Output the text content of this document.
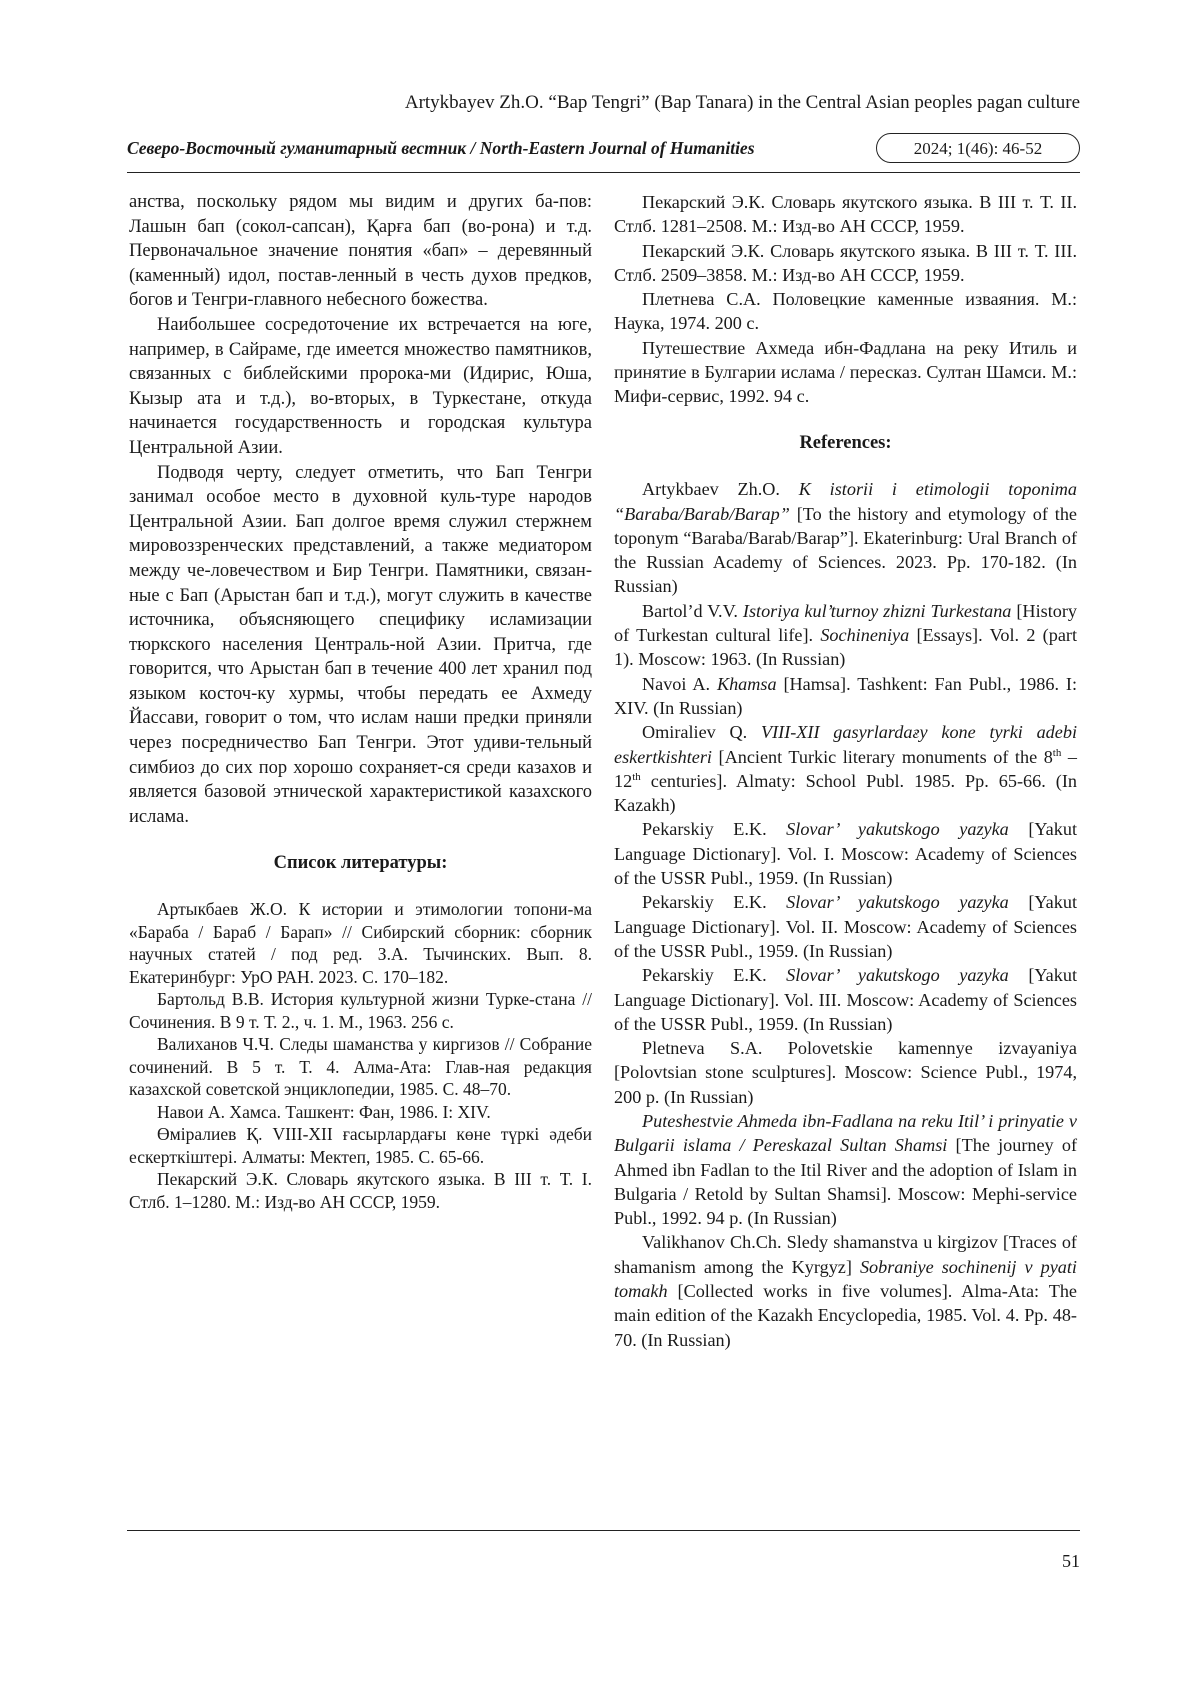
Artykbayev Zh.O. “Bap Tengri” (Bap Tanara) in the Central Asian peoples pagan culture
Северо-Восточный гуманитарный вестник / North-Eastern Journal of Humanities	2024; 1(46): 46-52

анства, поскольку рядом мы видим и других ба-пов: Лашын бап (сокол-сапсан), Қарға бап (во-рона) и т.д. Первоначальное значение понятия «бап» – деревянный (каменный) идол, постав-ленный в честь духов предков, богов и Тенгри-главного небесного божества.

Наибольшее сосредоточение их встречается на юге, например, в Сайраме, где имеется множество памятников, связанных с библейскими пророка-ми (Идирис, Юша, Кызыр ата и т.д.), во-вторых, в Туркестане, откуда начинается государственность и городская культура Центральной Азии.

Подводя черту, следует отметить, что Бап Тенгри занимал особое место в духовной куль-туре народов Центральной Азии. Бап долгое время служил стержнем мировоззренческих представлений, а также медиатором между че-ловечеством и Бир Тенгри. Памятники, связан-ные с Бап (Арыстан бап и т.д.), могут служить в качестве источника, объясняющего специфику исламизации тюркского населения Централь-ной Азии. Притча, где говорится, что Арыстан бап в течение 400 лет хранил под языком косточ-ку хурмы, чтобы передать ее Ахмеду Йассави, говорит о том, что ислам наши предки приняли через посредничество Бап Тенгри. Этот удиви-тельный симбиоз до сих пор хорошо сохраняет-ся среди казахов и является базовой этнической характеристикой казахского ислама.

Список литературы:

Артыкбаев Ж.О. К истории и этимологии топони-ма «Бараба / Бараб / Барап» // Сибирский сборник: сборник научных статей / под ред. З.А. Тычинских. Вып. 8. Екатеринбург: УрО РАН. 2023. С. 170–182.

Бартольд В.В. История культурной жизни Турке-стана // Сочинения. В 9 т. Т. 2., ч. 1. М., 1963. 256 с.

Валиханов Ч.Ч. Следы шаманства у киргизов // Собрание сочинений. В 5 т. Т. 4. Алма-Ата: Глав-ная редакция казахской советской энциклопедии, 1985. С. 48–70.

Навои А. Хамса. Ташкент: Фан, 1986. I: XIV.

Өміралиев Қ. VIII-XII ғасырлардағы көне түркі әдеби ескерткіштері. Алматы: Мектеп, 1985. С. 65-66.

Пекарский Э.К. Словарь якутского языка. В III т. Т. I. Стлб. 1–1280. М.: Изд-во АН СССР, 1959.

Пекарский Э.К. Словарь якутского языка. В III т. Т. II. Стлб. 1281–2508. М.: Изд-во АН СССР, 1959.

Пекарский Э.К. Словарь якутского языка. В III т. Т. III. Стлб. 2509–3858. М.: Изд-во АН СССР, 1959.

Плетнева С.А. Половецкие каменные изваяния. М.: Наука, 1974. 200 с.

Путешествие Ахмеда ибн-Фадлана на реку Итиль и принятие в Булгарии ислама / пересказ. Султан Шамси. М.: Мифи-сервис, 1992. 94 с.

References:

Artykbaev Zh.O. K istorii i etimologii toponima “Baraba/Barab/Barap” [To the history and etymology of the toponym “Baraba/Barab/Barap”]. Ekaterinburg: Ural Branch of the Russian Academy of Sciences. 2023. Pp. 170-182. (In Russian)

Bartol’d V.V. Istoriya kul’turnoy zhizni Turkestana [History of Turkestan cultural life]. Sochineniya [Essays]. Vol. 2 (part 1). Moscow: 1963. (In Russian)

Navoi A. Khamsa [Hamsa]. Tashkent: Fan Publ., 1986. I: XIV. (In Russian)

Omiraliev Q. VIII-XII gasyrlardaғy kone tyrki adebi eskertkishteri [Ancient Turkic literary monuments of the 8th – 12th centuries]. Almaty: School Publ. 1985. Pp. 65-66. (In Kazakh)

Pekarskiy E.K. Slovar’ yakutskogo yazyka [Yakut Language Dictionary]. Vol. I. Moscow: Academy of Sciences of the USSR Publ., 1959. (In Russian)

Pekarskiy E.K. Slovar’ yakutskogo yazyka [Yakut Language Dictionary]. Vol. II. Moscow: Academy of Sciences of the USSR Publ., 1959. (In Russian)

Pekarskiy E.K. Slovar’ yakutskogo yazyka [Yakut Language Dictionary]. Vol. III. Moscow: Academy of Sciences of the USSR Publ., 1959. (In Russian)

Pletneva S.A. Polovetskie kamennye izvayaniya [Polovtsian stone sculptures]. Moscow: Science Publ., 1974, 200 p. (In Russian)

Puteshestvie Ahmeda ibn-Fadlana na reku Itil’ i prinyatie v Bulgarii islama / Pereskazal Sultan Shamsi [The journey of Ahmed ibn Fadlan to the Itil River and the adoption of Islam in Bulgaria / Retold by Sultan Shamsi]. Moscow: Mephi-service Publ., 1992. 94 p. (In Russian)

Valikhanov Ch.Ch. Sledy shamanstva u kirgizov [Traces of shamanism among the Kyrgyz] Sobraniye sochinenij v pyati tomakh [Collected works in five volumes]. Alma-Ata: The main edition of the Kazakh Encyclopedia, 1985. Vol. 4. Pp. 48-70. (In Russian)

51
